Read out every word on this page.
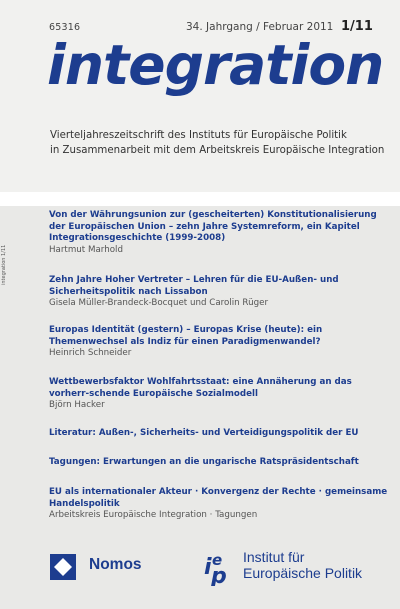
65316	34. Jahrgang / Februar 2011 1/11
integration
Vierteljahreszeitschrift des Instituts für Europäische Politik
in Zusammenarbeit mit dem Arbeitskreis Europäische Integration
integration 1/11
Von der Währungsunion zur (gescheiterten) Konstitutionalisierung der Europäischen Union – zehn Jahre Systemreform, ein Kapitel Integrationsgeschichte (1999-2008)
Hartmut Marhold
Zehn Jahre Hoher Vertreter – Lehren für die EU-Außen- und Sicherheitspolitik nach Lissabon
Gisela Müller-Brandeck-Bocquet und Carolin Rüger
Europas Identität (gestern) – Europas Krise (heute): ein Themenwechsel als Indiz für einen Paradigmenwandel?
Heinrich Schneider
Wettbewerbsfaktor Wohlfahrtsstaat: eine Annäherung an das vorherr-schende Europäische Sozialmodell
Björn Hacker
Literatur: Außen-, Sicherheits- und Verteidigungspolitik der EU
Tagungen: Erwartungen an die ungarische Ratspräsidentschaft
EU als internationaler Akteur · Konvergenz der Rechte · gemeinsame Handelspolitik
Arbeitskreis Europäische Integration · Tagungen
Nomos	i e
p
Institut für
Europäische Politik
